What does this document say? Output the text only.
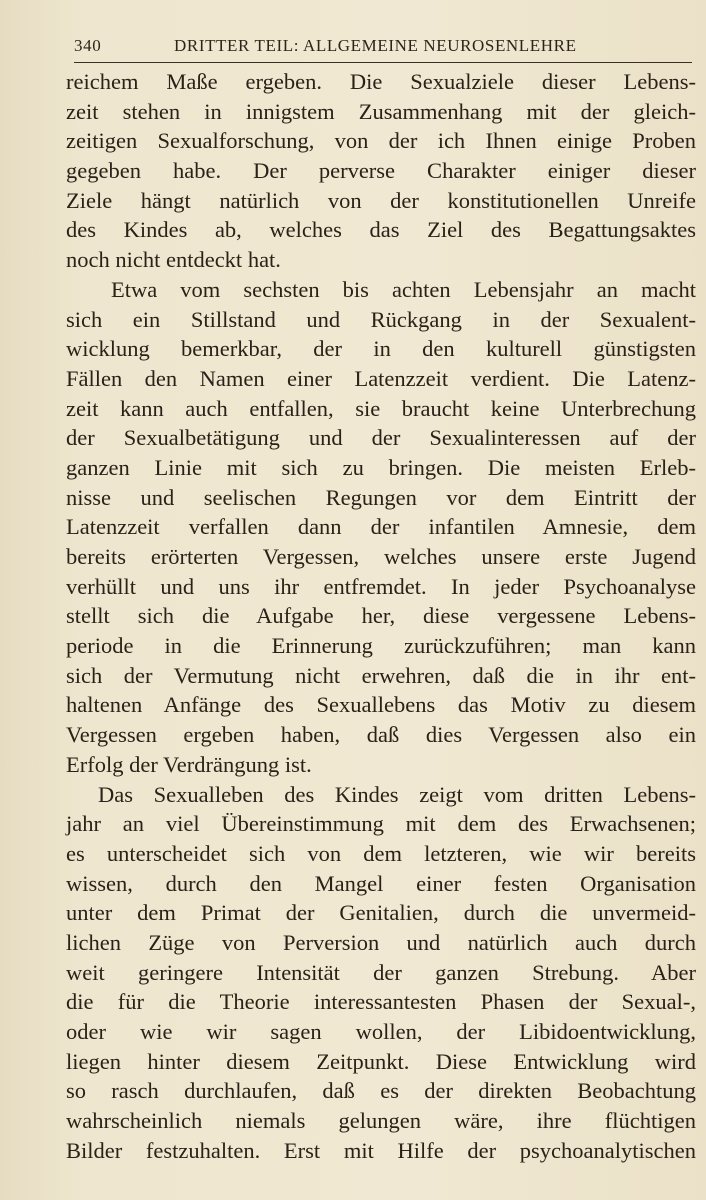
340	DRITTER TEIL: ALLGEMEINE NEUROSENLEHRE
reichem Maße ergeben. Die Sexualziele dieser Lebens-
zeit stehen in innigstem Zusammenhang mit der gleich-
zeitigen Sexualforschung, von der ich Ihnen einige Proben
gegeben habe. Der perverse Charakter einiger dieser
Ziele hängt natürlich von der konstitutionellen Unreife
des Kindes ab, welches das Ziel des Begattungsaktes
noch nicht entdeckt hat.
Etwa vom sechsten bis achten Lebensjahr an macht
sich ein Stillstand und Rückgang in der Sexualent-
wicklung bemerkbar, der in den kulturell günstigsten
Fällen den Namen einer Latenzzeit verdient. Die Latenz-
zeit kann auch entfallen, sie braucht keine Unterbrechung
der Sexualbetätigung und der Sexualinteressen auf der
ganzen Linie mit sich zu bringen. Die meisten Erleb-
nisse und seelischen Regungen vor dem Eintritt der
Latenzzeit verfallen dann der infantilen Amnesie, dem
bereits erörterten Vergessen, welches unsere erste Jugend
verhüllt und uns ihr entfremdet. In jeder Psychoanalyse
stellt sich die Aufgabe her, diese vergessene Lebens-
periode in die Erinnerung zurückzuführen; man kann
sich der Vermutung nicht erwehren, daß die in ihr ent-
haltenen Anfänge des Sexuallebens das Motiv zu diesem
Vergessen ergeben haben, daß dies Vergessen also ein
Erfolg der Verdrängung ist.
Das Sexualleben des Kindes zeigt vom dritten Lebens-
jahr an viel Übereinstimmung mit dem des Erwachsenen;
es unterscheidet sich von dem letzteren, wie wir bereits
wissen, durch den Mangel einer festen Organisation
unter dem Primat der Genitalien, durch die unvermeid-
lichen Züge von Perversion und natürlich auch durch
weit geringere Intensität der ganzen Strebung. Aber
die für die Theorie interessantesten Phasen der Sexual-,
oder wie wir sagen wollen, der Libidoentwicklung,
liegen hinter diesem Zeitpunkt. Diese Entwicklung wird
so rasch durchlaufen, daß es der direkten Beobachtung
wahrscheinlich niemals gelungen wäre, ihre flüchtigen
Bilder festzuhalten. Erst mit Hilfe der psychoanalytischen
